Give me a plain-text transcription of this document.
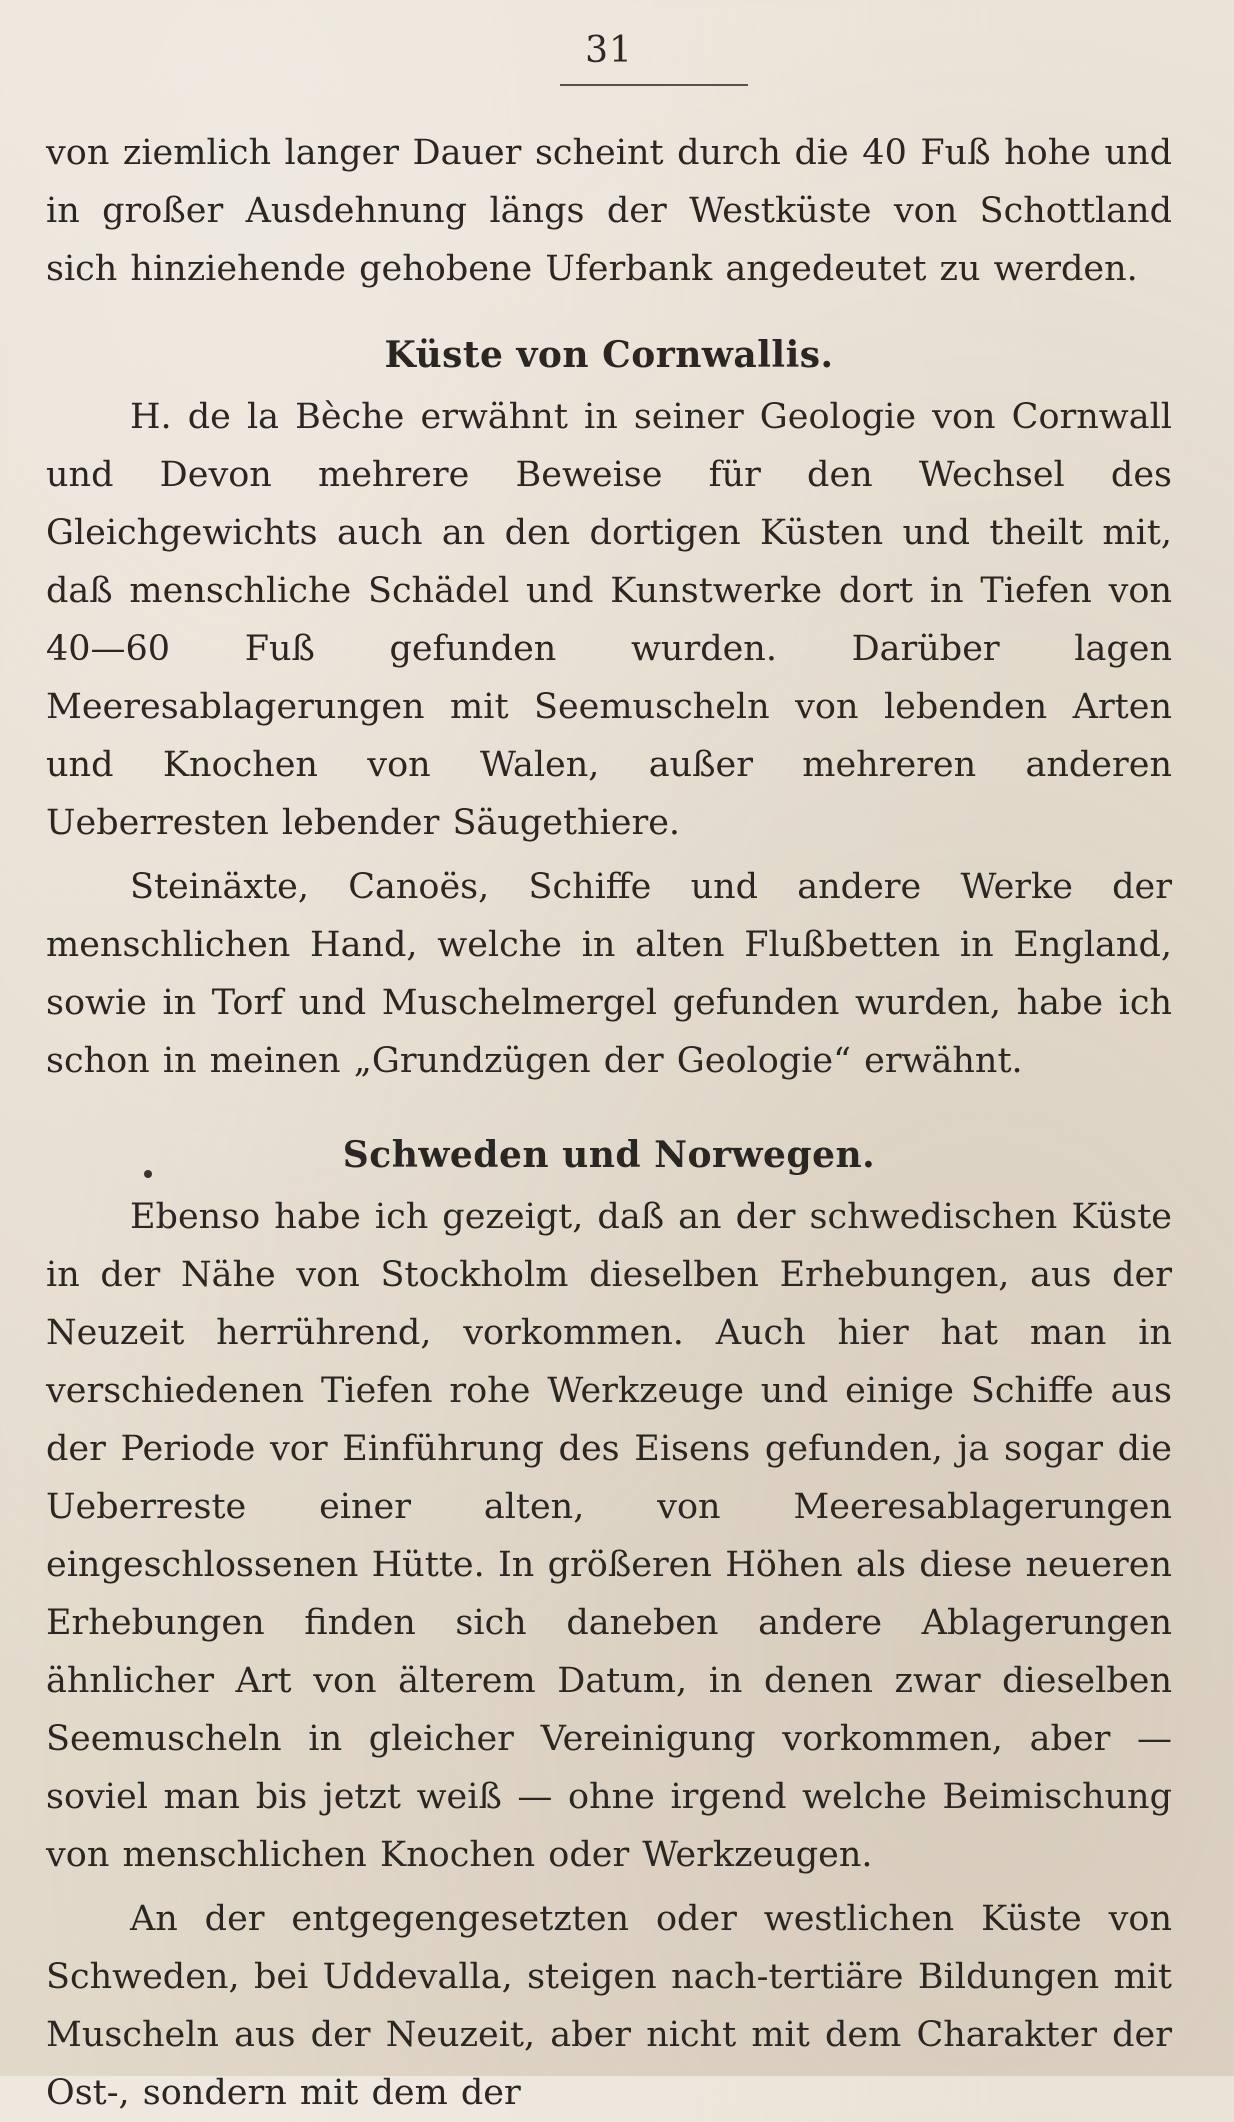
31

von ziemlich langer Dauer scheint durch die 40 Fuß hohe und in großer Ausdehnung längs der Westküste von Schottland sich hinziehende gehobene Uferbank angedeutet zu werden.

Küste von Cornwallis.

H. de la Bèche erwähnt in seiner Geologie von Cornwall und Devon mehrere Beweise für den Wechsel des Gleichgewichts auch an den dortigen Küsten und theilt mit, daß menschliche Schädel und Kunstwerke dort in Tiefen von 40—60 Fuß gefunden wurden. Darüber lagen Meeresablagerungen mit Seemuscheln von lebenden Arten und Knochen von Walen, außer mehreren anderen Ueberresten lebender Säugethiere.

Steinäxte, Canoës, Schiffe und andere Werke der menschlichen Hand, welche in alten Flußbetten in England, sowie in Torf und Muschelmergel gefunden wurden, habe ich schon in meinen „Grundzügen der Geologie“ erwähnt.

Schweden und Norwegen.

Ebenso habe ich gezeigt, daß an der schwedischen Küste in der Nähe von Stockholm dieselben Erhebungen, aus der Neuzeit herrührend, vorkommen. Auch hier hat man in verschiedenen Tiefen rohe Werkzeuge und einige Schiffe aus der Periode vor Einführung des Eisens gefunden, ja sogar die Ueberreste einer alten, von Meeresablagerungen eingeschlossenen Hütte. In größeren Höhen als diese neueren Erhebungen finden sich daneben andere Ablagerungen ähnlicher Art von älterem Datum, in denen zwar dieselben Seemuscheln in gleicher Vereinigung vorkommen, aber — soviel man bis jetzt weiß — ohne irgend welche Beimischung von menschlichen Knochen oder Werkzeugen.

An der entgegengesetzten oder westlichen Küste von Schweden, bei Uddevalla, steigen nach-tertiäre Bildungen mit Muscheln aus der Neuzeit, aber nicht mit dem Charakter der Ost-, sondern mit dem der
